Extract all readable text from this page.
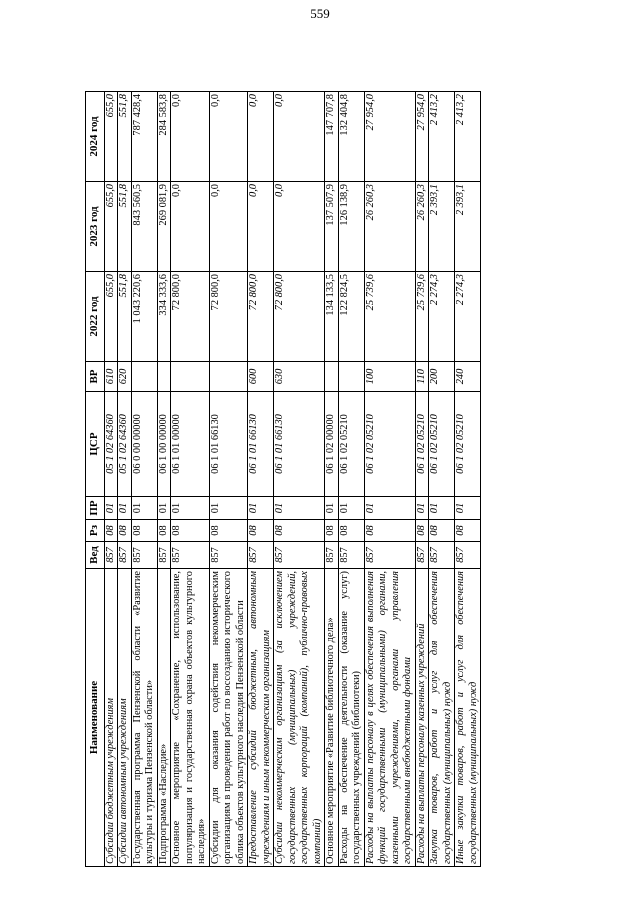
559
Наименование	Вед	Рз	ПР	ЦСР	ВР	2022 год	2023 год	2024 год
Субсидии бюджетным учреждениям	857	08	01	05 1 02 64360	610	655,0	655,0	655,0
Субсидии автономным учреждениям	857	08	01	05 1 02 64360	620	551,8	551,8	551,8
Государственная программа Пензенской области «Развитие культуры и туризма Пензенской области»	857	08	01	06 0 00 00000		1 043 220,6	843 560,5	787 428,4
Подпрограмма «Наследие»	857	08	01	06 1 00 00000		334 333,6	269 081,9	284 583,8
Основное мероприятие «Сохранение, использование, популяризация и государственная охрана объектов культурного наследия»	857	08	01	06 1 01 00000		72 800,0	0,0	0,0
Субсидии для оказания содействия некоммерческим организациям в проведении работ по воссозданию исторического облика объектов культурного наследия Пензенской области	857	08	01	06 1 01 66130		72 800,0	0,0	0,0
Предоставление субсидий бюджетным, автономным учреждениям и иным некоммерческим организациям	857	08	01	06 1 01 66130	600	72 800,0	0,0	0,0
Субсидии некоммерческим организациям (за исключением государственных (муниципальных) учреждений, государственных корпораций (компаний), публично-правовых компаний)	857	08	01	06 1 01 66130	630	72 800,0	0,0	0,0
Основное мероприятие «Развитие библиотечного дела»	857	08	01	06 1 02 00000		134 133,5	137 507,9	147 707,8
Расходы на обеспечение деятельности (оказание услуг) государственных учреждений (библиотеки)	857	08	01	06 1 02 05210		122 824,5	126 138,9	132 404,8
Расходы на выплаты персоналу в целях обеспечения выполнения функций государственными (муниципальными) органами, казенными учреждениями, органами управления государственными внебюджетными фондами	857	08	01	06 1 02 05210	100	25 739,6	26 260,3	27 954,0
Расходы на выплаты персоналу казенных учреждений	857	08	01	06 1 02 05210	110	25 739,6	26 260,3	27 954,0
Закупка товаров, работ и услуг для обеспечения государственных (муниципальных) нужд	857	08	01	06 1 02 05210	200	2 274,3	2 393,1	2 413,2
Иные закупки товаров, работ и услуг для обеспечения государственных (муниципальных) нужд	857	08	01	06 1 02 05210	240	2 274,3	2 393,1	2 413,2
